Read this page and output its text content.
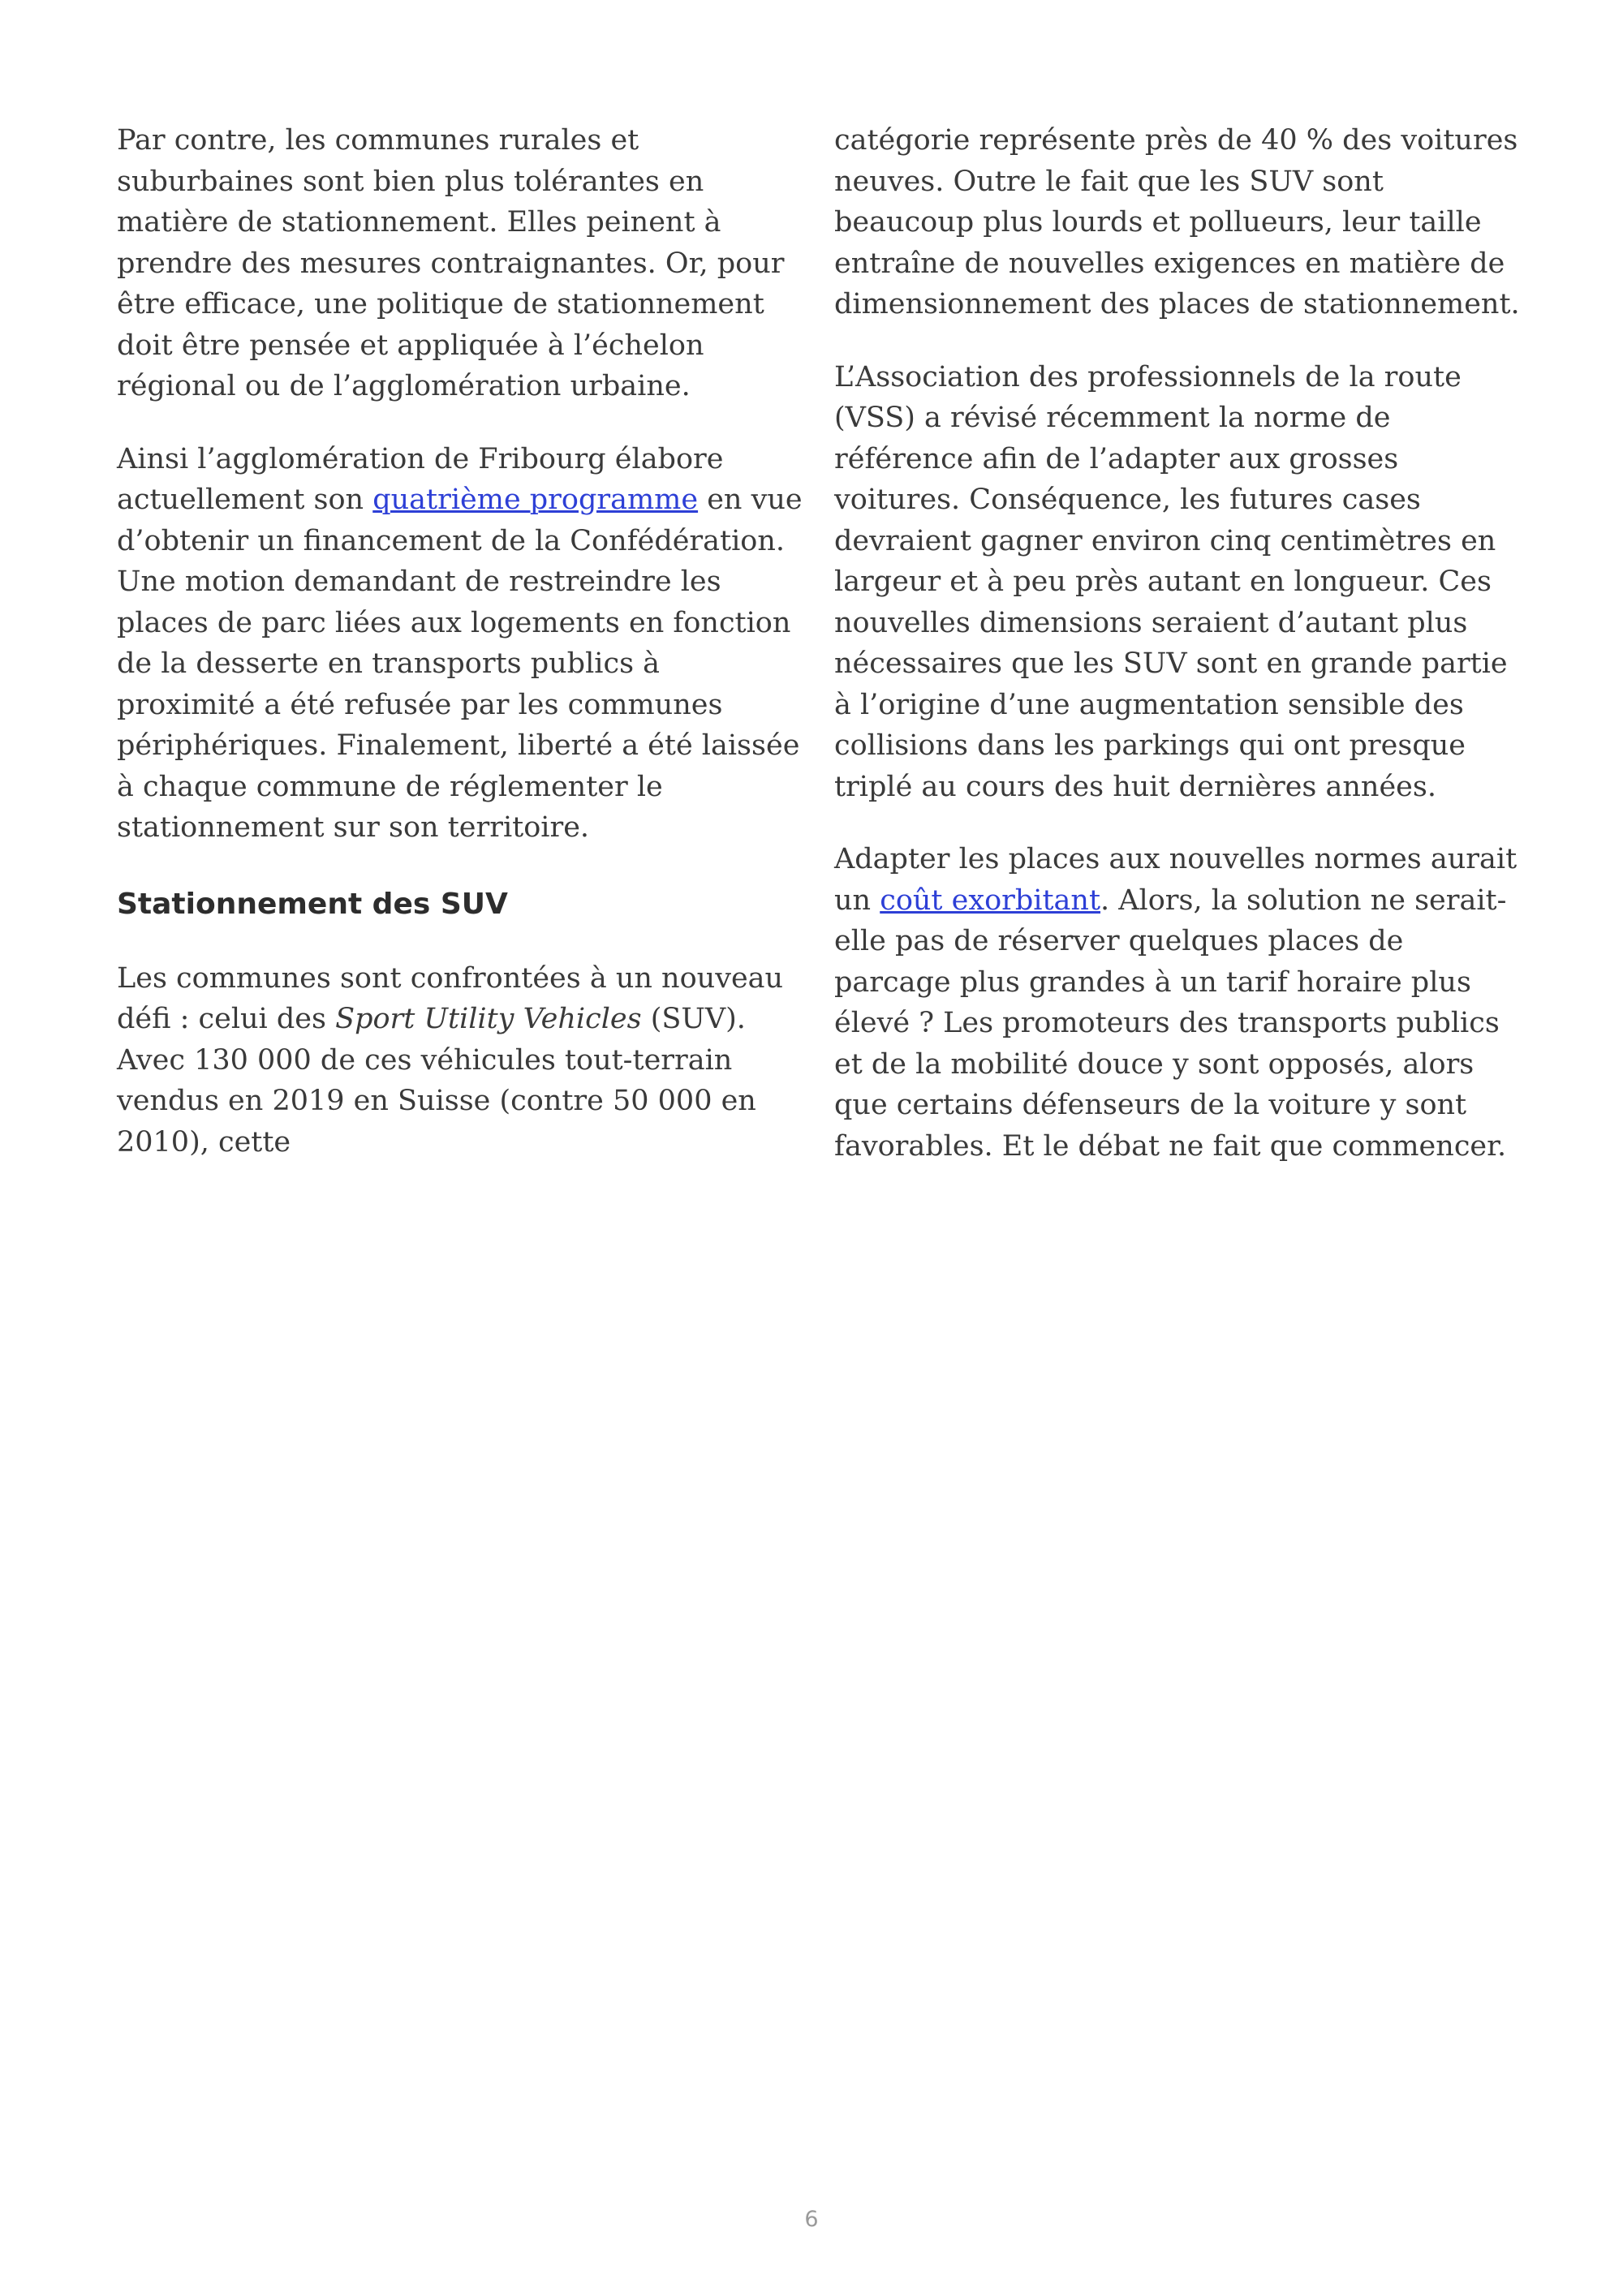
Par contre, les communes rurales et suburbaines sont bien plus tolérantes en matière de stationnement. Elles peinent à prendre des mesures contraignantes. Or, pour être efficace, une politique de stationnement doit être pensée et appliquée à l’échelon régional ou de l’agglomération urbaine.

Ainsi l’agglomération de Fribourg élabore actuellement son quatrième programme en vue d’obtenir un financement de la Confédération. Une motion demandant de restreindre les places de parc liées aux logements en fonction de la desserte en transports publics à proximité a été refusée par les communes périphériques. Finalement, liberté a été laissée à chaque commune de réglementer le stationnement sur son territoire.

Stationnement des SUV

Les communes sont confrontées à un nouveau défi : celui des Sport Utility Vehicles (SUV). Avec 130 000 de ces véhicules tout-terrain vendus en 2019 en Suisse (contre 50 000 en 2010), cette

catégorie représente près de 40 % des voitures neuves. Outre le fait que les SUV sont beaucoup plus lourds et pollueurs, leur taille entraîne de nouvelles exigences en matière de dimensionnement des places de stationnement.

L’Association des professionnels de la route (VSS) a révisé récemment la norme de référence afin de l’adapter aux grosses voitures. Conséquence, les futures cases devraient gagner environ cinq centimètres en largeur et à peu près autant en longueur. Ces nouvelles dimensions seraient d’autant plus nécessaires que les SUV sont en grande partie à l’origine d’une augmentation sensible des collisions dans les parkings qui ont presque triplé au cours des huit dernières années.

Adapter les places aux nouvelles normes aurait un coût exorbitant. Alors, la solution ne serait-elle pas de réserver quelques places de parcage plus grandes à un tarif horaire plus élevé ? Les promoteurs des transports publics et de la mobilité douce y sont opposés, alors que certains défenseurs de la voiture y sont favorables. Et le débat ne fait que commencer.

6
